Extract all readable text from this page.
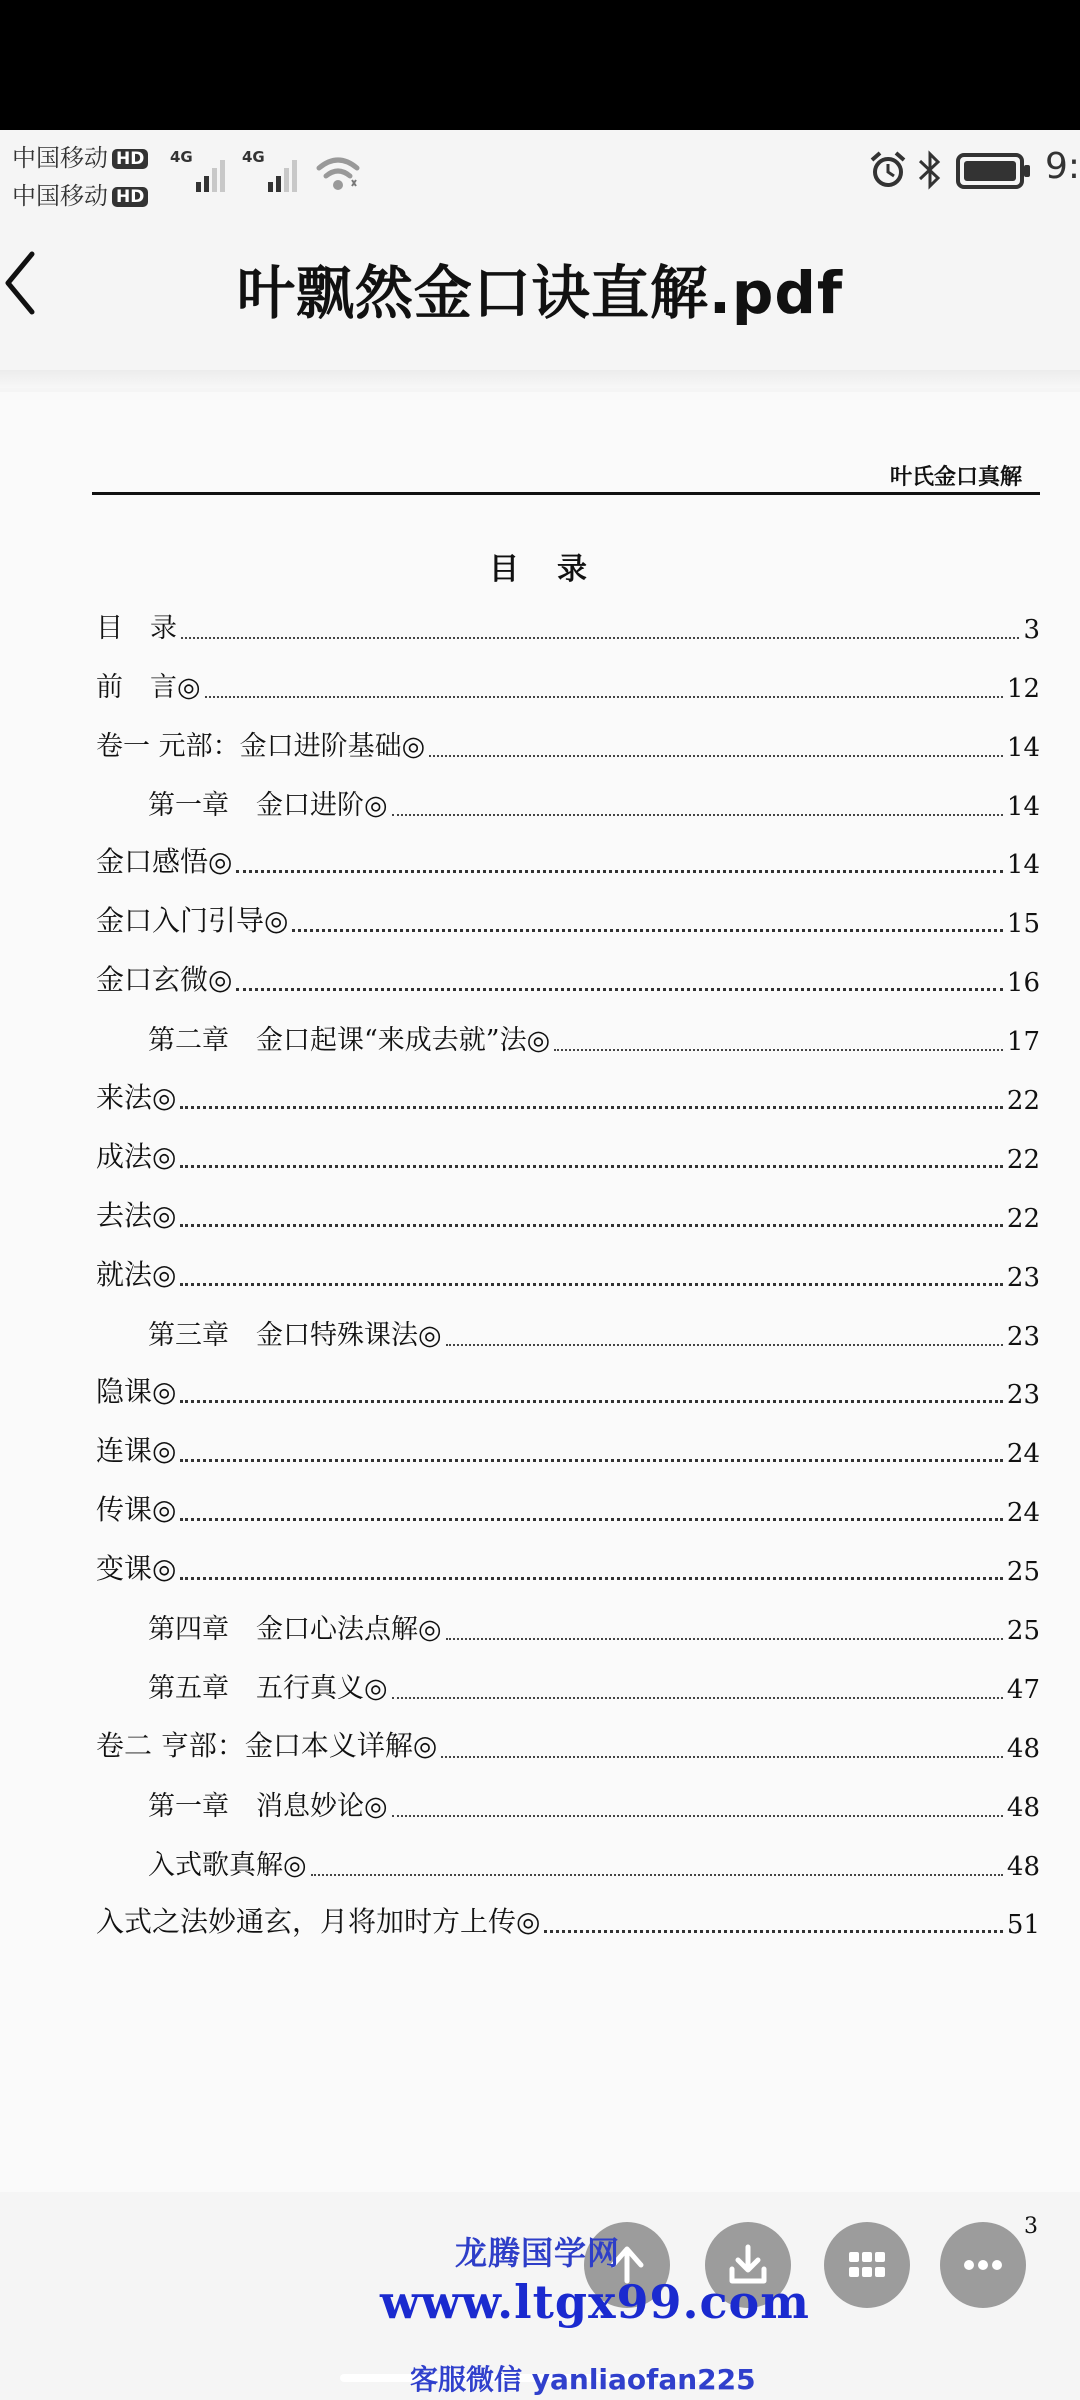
中国移动 HD
中国移动 HD
4G	4G	9:
叶飘然金口诀直解.pdf
叶氏金口真解
目　录
目　录	3
前　言◎	12
卷一 元部：金口进阶基础◎	14
第一章　金口进阶◎	14
金口感悟◎	14
金口入门引导◎	15
金口玄微◎	16
第二章　金口起课“来成去就”法◎	17
来法◎	22
成法◎	22
去法◎	22
就法◎	23
第三章　金口特殊课法◎	23
隐课◎	23
连课◎	24
传课◎	24
变课◎	25
第四章　金口心法点解◎	25
第五章　五行真义◎	47
卷二 亨部：金口本义详解◎	48
第一章　消息妙论◎	48
入式歌真解◎	48
入式之法妙通玄，月将加时方上传◎	51
3
龙腾国学网
www.ltgx99.com
客服微信 yanliaofan225
